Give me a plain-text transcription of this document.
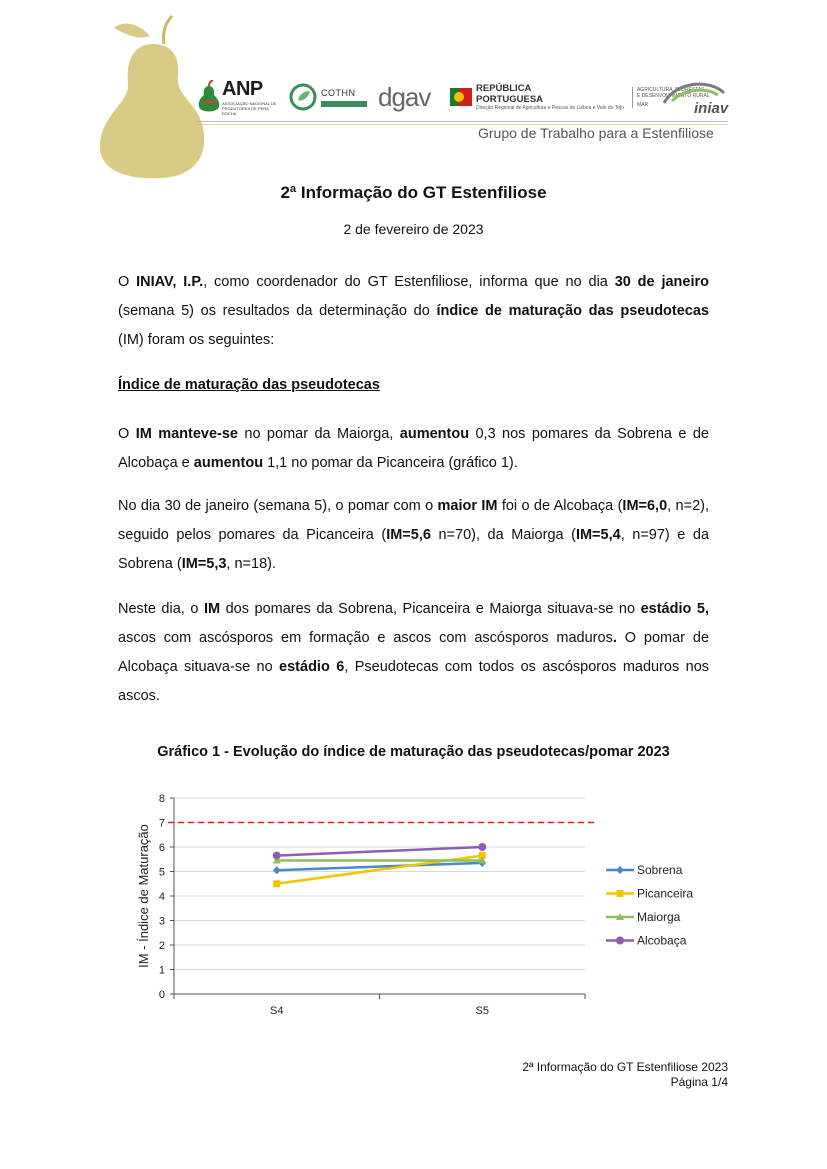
ANP
ASSOCIAÇÃO NACIONAL DE PRODUTORES DE PERA ROCHA
COTHN dgav	REPÚBLICA
PORTUGUESA
Direção Regional de Agricultura e Pescas de Lisboa e Vale do Tejo
AGRICULTURA, FLORESTAS
E DESENVOLVIMENTO RURAL
MAR	iniav
Grupo de Trabalho para a Estenfiliose
2ª Informação do GT Estenfiliose
2 de fevereiro de 2023
O INIAV, I.P., como coordenador do GT Estenfiliose, informa que no dia 30 de janeiro (semana 5) os resultados da determinação do índice de maturação das pseudotecas (IM) foram os seguintes:
Índice de maturação das pseudotecas
O IM manteve-se no pomar da Maiorga, aumentou 0,3 nos pomares da Sobrena e de Alcobaça e aumentou 1,1 no pomar da Picanceira (gráfico 1).
No dia 30 de janeiro (semana 5), o pomar com o maior IM foi o de Alcobaça (IM=6,0, n=2), seguido pelos pomares da Picanceira (IM=5,6 n=70), da Maiorga (IM=5,4, n=97) e da Sobrena (IM=5,3, n=18).
Neste dia, o IM dos pomares da Sobrena, Picanceira e Maiorga situava-se no estádio 5, ascos com ascósporos em formação e ascos com ascósporos maduros. O pomar de Alcobaça situava-se no estádio 6, Pseudotecas com todos os ascósporos maduros nos ascos.
Gráfico 1 - Evolução do índice de maturação das pseudotecas/pomar 2023
0
1
2
3
4
5
6
7
8
S4	S5
IM - Índice de Maturação	Sobrena
Picanceira
Maiorga
Alcobaça
2ª Informação do GT Estenfiliose 2023
Página 1/4
